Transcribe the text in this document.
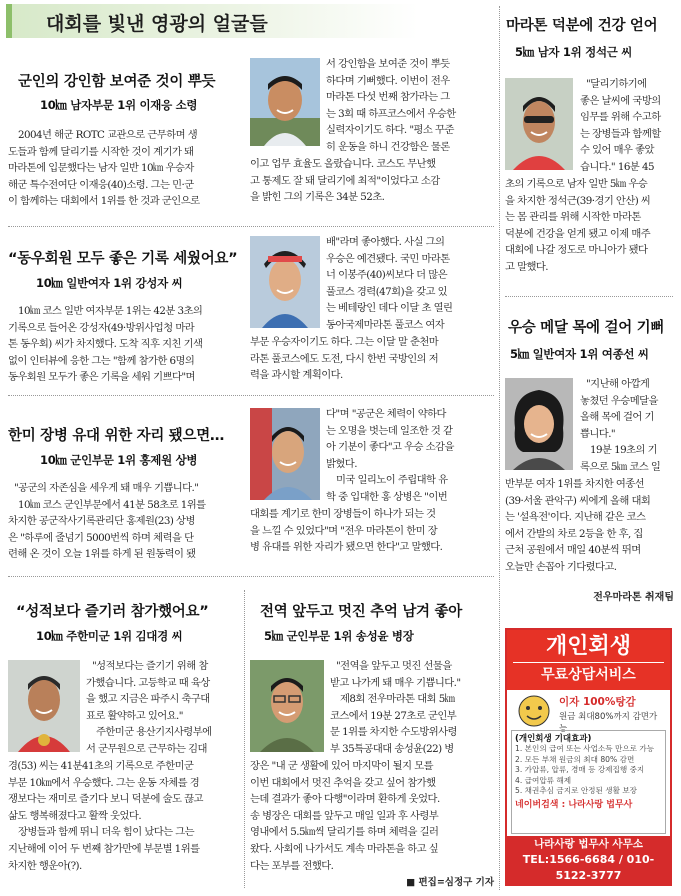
대회를 빛낸 영광의 얼굴들
군인의 강인함 보여준 것이 뿌듯
10㎞ 남자부문 1위 이재응 소령
2004년 해군 ROTC 교관으로 근무하며 생
도들과 함께 달리기를 시작한 것이 계기가 돼
마라톤에 입문했다는 남자 일반 10㎞ 우승자
해군 특수전여단 이재응(40)소령. 그는 민·군
이 함께하는 대회에서 1위를 한 것과 군인으로
서 강인함을 보여준 것이 뿌듯
하다며 기뻐했다. 이번이 전우
마라톤 다섯 번째 참가라는 그
는 3회 때 하프코스에서 우승한
실력자이기도 하다. "평소 꾸준
히 운동을 하니 건강함은 물론
이고 업무 효율도 올랐습니다. 코스도 무난했
고 통제도 잘 돼 달리기에 최적"이었다고 소감
을 밝힌 그의 기록은 34분 52초.
“동우회원 모두 좋은 기록 세웠어요”
10㎞ 일반여자 1위 강성자 씨
10㎞ 코스 일반 여자부문 1위는 42분 3초의
기록으로 들어온 강성자(49·방위사업청 마라
톤 동우회) 씨가 차지했다. 도착 직후 지친 기색
없이 인터뷰에 응한 그는 "함께 참가한 6명의
동우회원 모두가 좋은 기록을 세워 기쁘다"며
배"라며 좋아했다. 사실 그의
우승은 예견됐다. 국민 마라톤
너 이봉주(40)씨보다 더 많은
풀코스 경력(47회)을 갖고 있
는 베테랑인 데다 이달 초 열린
동아국제마라톤 풀코스 여자
부문 우승자이기도 하다. 그는 이달 말 춘천마
라톤 풀코스에도 도전, 다시 한번 국방인의 저
력을 과시할 계획이다.
한미 장병 유대 위한 자리 됐으면…
10㎞ 군인부문 1위 홍제원 상병
"공군의 자존심을 세우게 돼 매우 기쁩니다."
10㎞ 코스 군인부문에서 41분 58초로 1위를
차지한 공군작사기록관리단 홍제원(23) 상병
은 "하루에 줄넘기 5000번씩 하며 체력을 단
련해 온 것이 오늘 1위를 하게 된 원동력이 됐
다"며 "공군은 체력이 약하다
는 오명을 벗는데 일조한 것 같
아 기분이 좋다"고 우승 소감을
밝혔다.
미국 일리노이 주립대학 유
학 중 입대한 홍 상병은 "이번
대회를 계기로 한미 장병들이 하나가 되는 것
을 느낄 수 있었다"며 "전우 마라톤이 한미 장
병 유대를 위한 자리가 됐으면 한다"고 말했다.
“성적보다 즐기러 참가했어요”
10㎞ 주한미군 1위 김대경 씨
"성적보다는 즐기기 위해 참
가했습니다. 고등학교 때 육상
을 했고 지금은 파주시 축구대
표로 활약하고 있어요."
주한미군 용산기지사령부에
서 군무원으로 근무하는 김대
경(53) 씨는 41분41초의 기록으로 주한미군
부문 10㎞에서 우승했다. 그는 운동 자체를 경
쟁보다는 재미로 즐기다 보니 덕분에 술도 끊고
삶도 행복해졌다고 활짝 웃었다.
장병들과 함께 뛰니 더욱 힘이 났다는 그는
지난해에 이어 두 번째 참가만에 부문별 1위를
차지한 행운아(?).
전역 앞두고 멋진 추억 남겨 좋아
5㎞ 군인부문 1위 송성윤 병장
"전역을 앞두고 멋진 선물을
받고 나가게 돼 매우 기쁩니다."
제8회 전우마라톤 대회 5㎞
코스에서 19분 27초로 군인부
문 1위를 차지한 수도방위사령
부 35특공대대 송성윤(22) 병
장은 "내 군 생활에 있어 마지막이 될지 모를
이번 대회에서 멋진 추억을 갖고 싶어 참가했
는데 결과가 좋아 다행"이라며 환하게 웃었다.
송 병장은 대회를 앞두고 매일 일과 후 사령부
영내에서 5.5㎞씩 달리기를 하며 체력을 길러
왔다. 사회에 나가서도 계속 마라톤을 하고 싶
다는 포부를 전했다.
■ 편집=심정구 기자
마라톤 덕분에 건강 얻어
5㎞ 남자 1위 정석근 씨
"달리기하기에
좋은 날씨에 국방의
임무를 위해 수고하
는 장병들과 함께할
수 있어 매우 좋았
습니다." 16분 45
초의 기록으로 남자 일반 5㎞ 우승
을 차지한 정석근(39·경기 안산) 씨
는 몸 관리를 위해 시작한 마라톤
덕분에 건강을 얻게 됐고 이제 매주
대회에 나갈 정도로 마니아가 됐다
고 말했다.
우승 메달 목에 걸어 기뻐
5㎞ 일반여자 1위 여종선 씨
"지난해 아깝게
놓쳤던 우승메달을
올해 목에 걸어 기
쁩니다."
19분 19초의 기
록으로 5㎞ 코스 일
반부문 여자 1위를 차지한 여종선
(39·서울 관악구) 씨에게 올해 대회
는 '설욕전'이다. 지난해 같은 코스
에서 간발의 차로 2등을 한 후, 집
근처 공원에서 매일 40분씩 뛰며
오늘만 손꼽아 기다렸다고.
전우마라톤 취재팀
개인회생
무료상담서비스
이자 100%탕감
원금 최대80%까지 감면가능
(개인회생 기대효과)
1. 본인의 급여 또는 사업소득 만으로 가능
2. 모든 부채 원금의 최대 80% 감면
3. 가압류, 압류, 경매 등 강제집행 중지
4. 급여압류 해제
5. 채권추심 금지로 안정된 생활 보장
네이버검색 : 나라사랑 법무사
나라사랑 법무사 사무소
TEL:1566-6684 / 010-5122-3777
서울시 구로구 구로동
